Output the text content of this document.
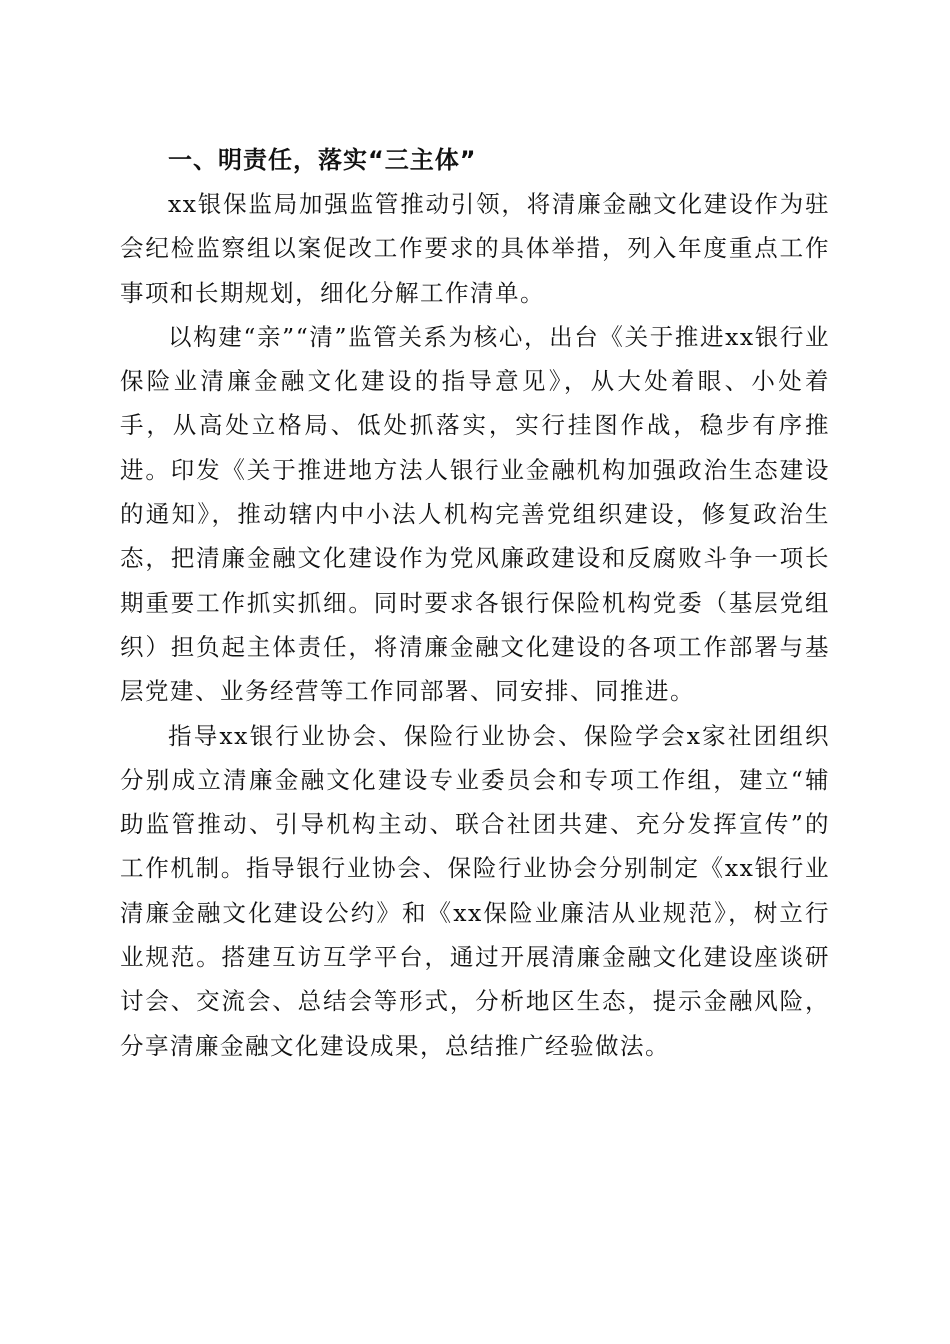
一、明责任，落实“三主体”

xx银保监局加强监管推动引领，将清廉金融文化建设作为驻会纪检监察组以案促改工作要求的具体举措，列入年度重点工作事项和长期规划，细化分解工作清单。

以构建“亲”“清”监管关系为核心，出台《关于推进xx银行业保险业清廉金融文化建设的指导意见》，从大处着眼、小处着手，从高处立格局、低处抓落实，实行挂图作战，稳步有序推进。印发《关于推进地方法人银行业金融机构加强政治生态建设的通知》，推动辖内中小法人机构完善党组织建设，修复政治生态，把清廉金融文化建设作为党风廉政建设和反腐败斗争一项长期重要工作抓实抓细。同时要求各银行保险机构党委（基层党组织）担负起主体责任，将清廉金融文化建设的各项工作部署与基层党建、业务经营等工作同部署、同安排、同推进。

指导xx银行业协会、保险行业协会、保险学会x家社团组织分别成立清廉金融文化建设专业委员会和专项工作组，建立“辅助监管推动、引导机构主动、联合社团共建、充分发挥宣传”的工作机制。指导银行业协会、保险行业协会分别制定《xx银行业清廉金融文化建设公约》和《xx保险业廉洁从业规范》，树立行业规范。搭建互访互学平台，通过开展清廉金融文化建设座谈研讨会、交流会、总结会等形式，分析地区生态，提示金融风险，分享清廉金融文化建设成果，总结推广经验做法。
